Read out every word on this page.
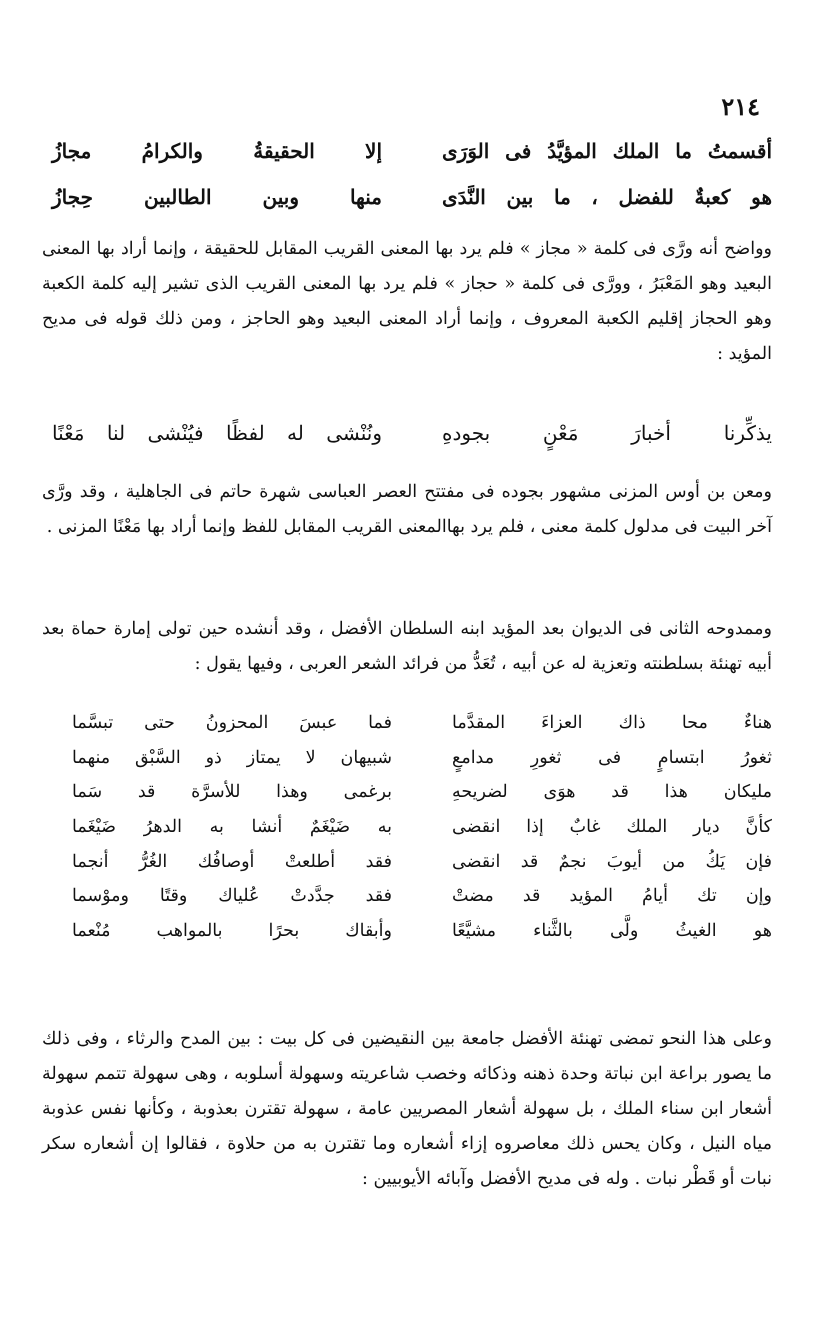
٢١٤
أقسمتُ ما الملك المؤيَّدُ فى الوَرَى
إلا الحقيقةُ والكرامُ مجازُ
هو كعبةٌ للفضل ، ما بين النَّدَى
منها وبين الطالبين حِجازُ

وواضح أنه ورَّى فى كلمة « مجاز » فلم يرد بها المعنى القريب المقابل للحقيقة ، وإنما أراد بها المعنى البعيد وهو المَعْبَرُ ، وورَّى فى كلمة « حجاز » فلم يرد بها المعنى القريب الذى تشير إليه كلمة الكعبة وهو الحجاز إقليم الكعبة المعروف ، وإنما أراد المعنى البعيد وهو الحاجز ، ومن ذلك قوله فى مديح المؤيد :

يذكِّرنا أخبارَ مَعْنٍ بجودهِ
ونُنْشى له لفظًا فيُنْشى لنا مَعْنًا

ومعن بن أوس المزنى مشهور بجوده فى مفتتح العصر العباسى شهرة حاتم فى الجاهلية ، وقد ورَّى آخر البيت فى مدلول كلمة معنى ، فلم يرد بهاالمعنى القريب المقابل للفظ وإنما أراد بها مَعْنًا المزنى .

وممدوحه الثانى فى الديوان بعد المؤيد ابنه السلطان الأفضل ، وقد أنشده حين تولى إمارة حماة بعد أبيه تهنئة بسلطنته وتعزية له عن أبيه ، تُعَدُّ من فرائد الشعر العربى ، وفيها يقول :

هناءٌ محا ذاك العزاءَ المقدَّما
فما عبسَ المحزونُ حتى تبسَّما
ثغورُ ابتسامٍ فى ثغورِ مدامعٍ
شبيهان لا يمتاز ذو السَّبْق منهما
مليكان هذا قد هوَى لضريحهِ
برغمى وهذا للأسرَّة قد سَما
كأنَّ ديار الملك غابٌ إذا انقضى
به ضَيْغَمٌ أنشا به الدهرُ ضَيْغَما
فإن يَكُ من أيوبَ نجمٌ قد انقضى
فقد أطلعتْ أوصافُك الغُرُّ أنجما
وإن تك أيامُ المؤيد قد مضتْ
فقد جدَّدتْ عُلياك وقتًا وموْسما
هو الغيثُ ولَّى بالثَّناء مشيَّعًا
وأبقاك بحرًا بالمواهب مُنْعما

وعلى هذا النحو تمضى تهنئة الأفضل جامعة بين النقيضين فى كل بيت : بين المدح والرثاء ، وفى ذلك ما يصور براعة ابن نباتة وحدة ذهنه وذكائه وخصب شاعريته وسهولة أسلوبه ، وهى سهولة تتمم سهولة أشعار ابن سناء الملك ، بل سهولة أشعار المصريين عامة ، سهولة تقترن بعذوبة ، وكأنها نفس عذوبة مياه النيل ، وكان يحس ذلك معاصروه إزاء أشعاره وما تقترن به من حلاوة ، فقالوا إن أشعاره سكر نبات أو قَطْر نبات . وله فى مديح الأفضل وآبائه الأيوبيين :
